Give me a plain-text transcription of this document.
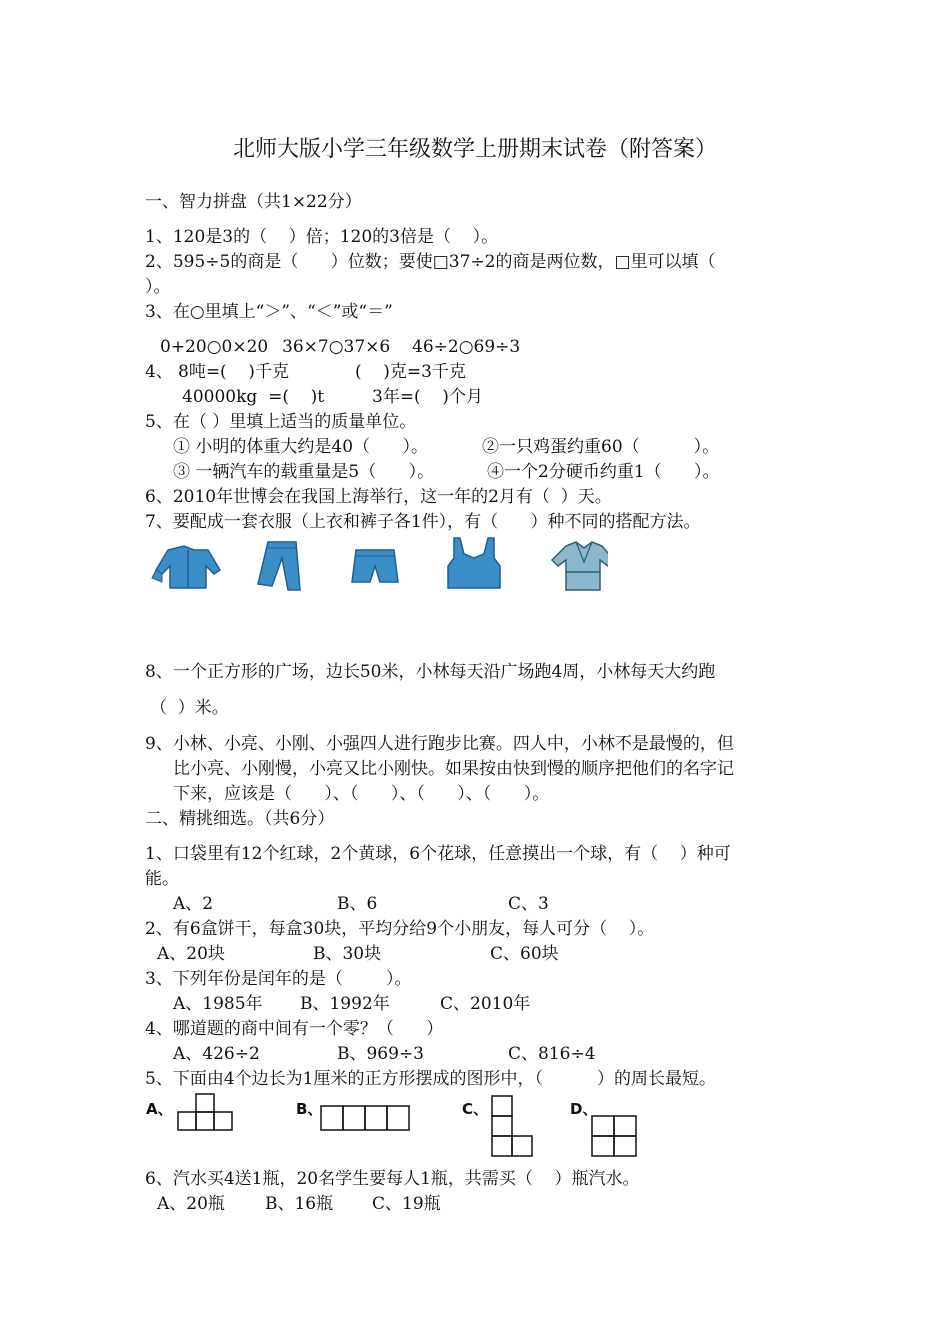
北师大版小学三年级数学上册期末试卷（附答案）
一、智力拼盘（共1×22分）
1、120是3的（    ）倍；120的3倍是（    ）。
2、595÷5的商是（      ）位数；要使□37÷2的商是两位数，□里可以填（
）。
3、在○里填上“＞”、“＜”或“＝”
0+20○0×20 36×7○37×6 46÷2○69÷3
4、 8吨=(    )千克	(    )克=3千克
40000kg  =(    )t	3年=(    )个月
5、在（ ）里填上适当的质量单位。
① 小明的体重大约是40（      ）。	②一只鸡蛋约重60（          ）。
③ 一辆汽车的载重量是5（      ）。	④一个2分硬币约重1（      ）。
6、2010年世博会在我国上海举行，这一年的2月有（  ）天。
7、要配成一套衣服（上衣和裤子各1件），有（      ）种不同的搭配方法。
8、一个正方形的广场，边长50米，小林每天沿广场跑4周，小林每天大约跑
（  ）米。
9、小林、小亮、小刚、小强四人进行跑步比赛。四人中，小林不是最慢的，但
比小亮、小刚慢，小亮又比小刚快。如果按由快到慢的顺序把他们的名字记
下来，应该是（      ）、（      ）、（      ）、（      ）。
二、精挑细选。（共6分）
1、口袋里有12个红球，2个黄球，6个花球，任意摸出一个球，有（    ）种可
能。
A、2	B、6	C、3
2、有6盒饼干，每盒30块，平均分给9个小朋友，每人可分（    ）。
A、20块	B、30块	C、60块
3、下列年份是闰年的是（        ）。
A、1985年 B、1992年	C、2010年
4、哪道题的商中间有一个零？（      ）
A、426÷2	B、969÷3	C、816÷4
5、下面由4个边长为1厘米的正方形摆成的图形中，（          ）的周长最短。
A、	B、	C、	D、
6、汽水买4送1瓶，20名学生要每人1瓶，共需买（    ）瓶汽水。
A、20瓶 B、16瓶 C、19瓶
